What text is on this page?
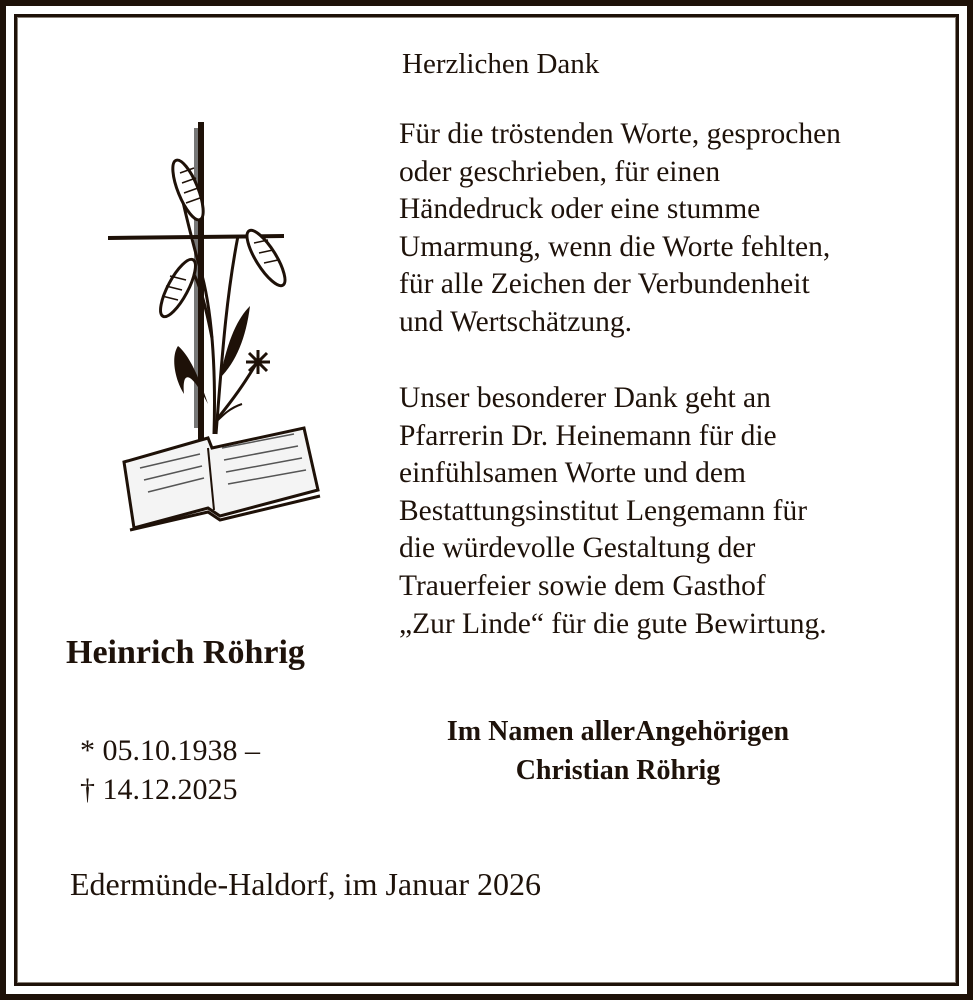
Herzlichen Dank
Für die tröstenden Worte, gesprochen
oder geschrieben, für einen
Händedruck oder eine stumme
Umarmung, wenn die Worte fehlten,
für alle Zeichen der Verbundenheit
und Wertschätzung.
Unser besonderer Dank geht an
Pfarrerin Dr. Heinemann für die
einfühlsamen Worte und dem
Bestattungsinstitut Lengemann für
die würdevolle Gestaltung der
Trauerfeier sowie dem Gasthof
„Zur Linde“ für die gute Bewirtung.
Heinrich Röhrig
* 05.10.1938 –
† 14.12.2025
Im Namen allerAngehörigen
Christian Röhrig
Edermünde-Haldorf, im Januar 2026
